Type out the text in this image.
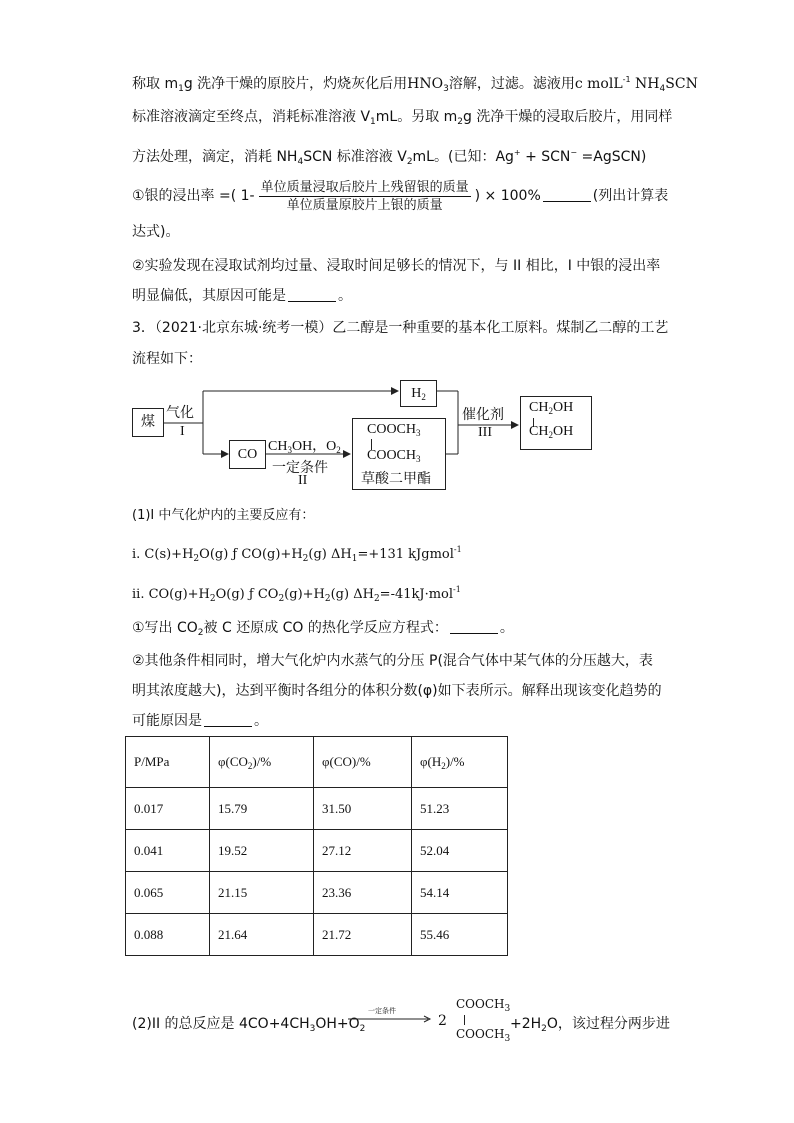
称取 $m_1g$ 洗净干燥的原胶片，灼烧灰化后用$HNO_3$溶解，过滤。滤液用c molL$^{-1}$ $NH_4SCN$
标准溶液滴定至终点，消耗标准溶液 $V_1mL$。另取 $m_2g$ 洗净干燥的浸取后胶片，用同样
方法处理，滴定，消耗 $NH_4SCN$ 标准溶液 $V_2mL$。(已知：Ag+ + SCN− =AgSCN)
①银的浸出率 =( $1- \frac{\text{单位质量浸取后胶片上残留银的质量}}{\text{单位质量原胶片上银的质量}}$ ) × 100%	(列出计算表
达式)。
②实验发现在浸取试剂均过量、浸取时间足够长的情况下，与 II 相比，I 中银的浸出率
明显偏低，其原因可能是	。
3．（2021·北京东城·统考一模）乙二醇是一种重要的基本化工原料。煤制乙二醇的工艺
流程如下：
煤
气化
I
$H_2$
CO
$CH_3OH$，$O_2$
一定条件
II
$COOCH_3$
$COOCH_3$
草酸二甲酯
催化剂
III
$CH_2OH$
$CH_2OH$
(1)I 中气化炉内的主要反应有：
i. $C(s)+H_2O(g)$ ƒ $CO(g)+H_2(g)$ $\Delta H_1=+131$ kJgmol$^{-1}$
ii. $CO(g)+H_2O(g)$ ƒ $CO_2(g)+H_2(g)$ $\Delta H_2=-41kJ\cdot mol^{-1}$
①写出 $CO_2$被 C 还原成 CO 的热化学反应方程式：	。
②其他条件相同时，增大气化炉内水蒸气的分压 P(混合气体中某气体的分压越大，表
明其浓度越大)，达到平衡时各组分的体积分数(φ)如下表所示。解释出现该变化趋势的
可能原因是	。
P/MPa	$\varphi(CO_2)/\%$	φ(CO)/%	$\varphi(H_2)/\%$
0.017	15.79	31.50	51.23
0.041	19.52	27.12	52.04
0.065	21.15	23.36	54.14
0.088	21.64	21.72	55.46
(2)II 的总反应是 $4CO+4CH_3OH+O_2$
一定条件
2
$COOCH_3$
$COOCH_3$
$+2H_2O$，该过程分两步进
